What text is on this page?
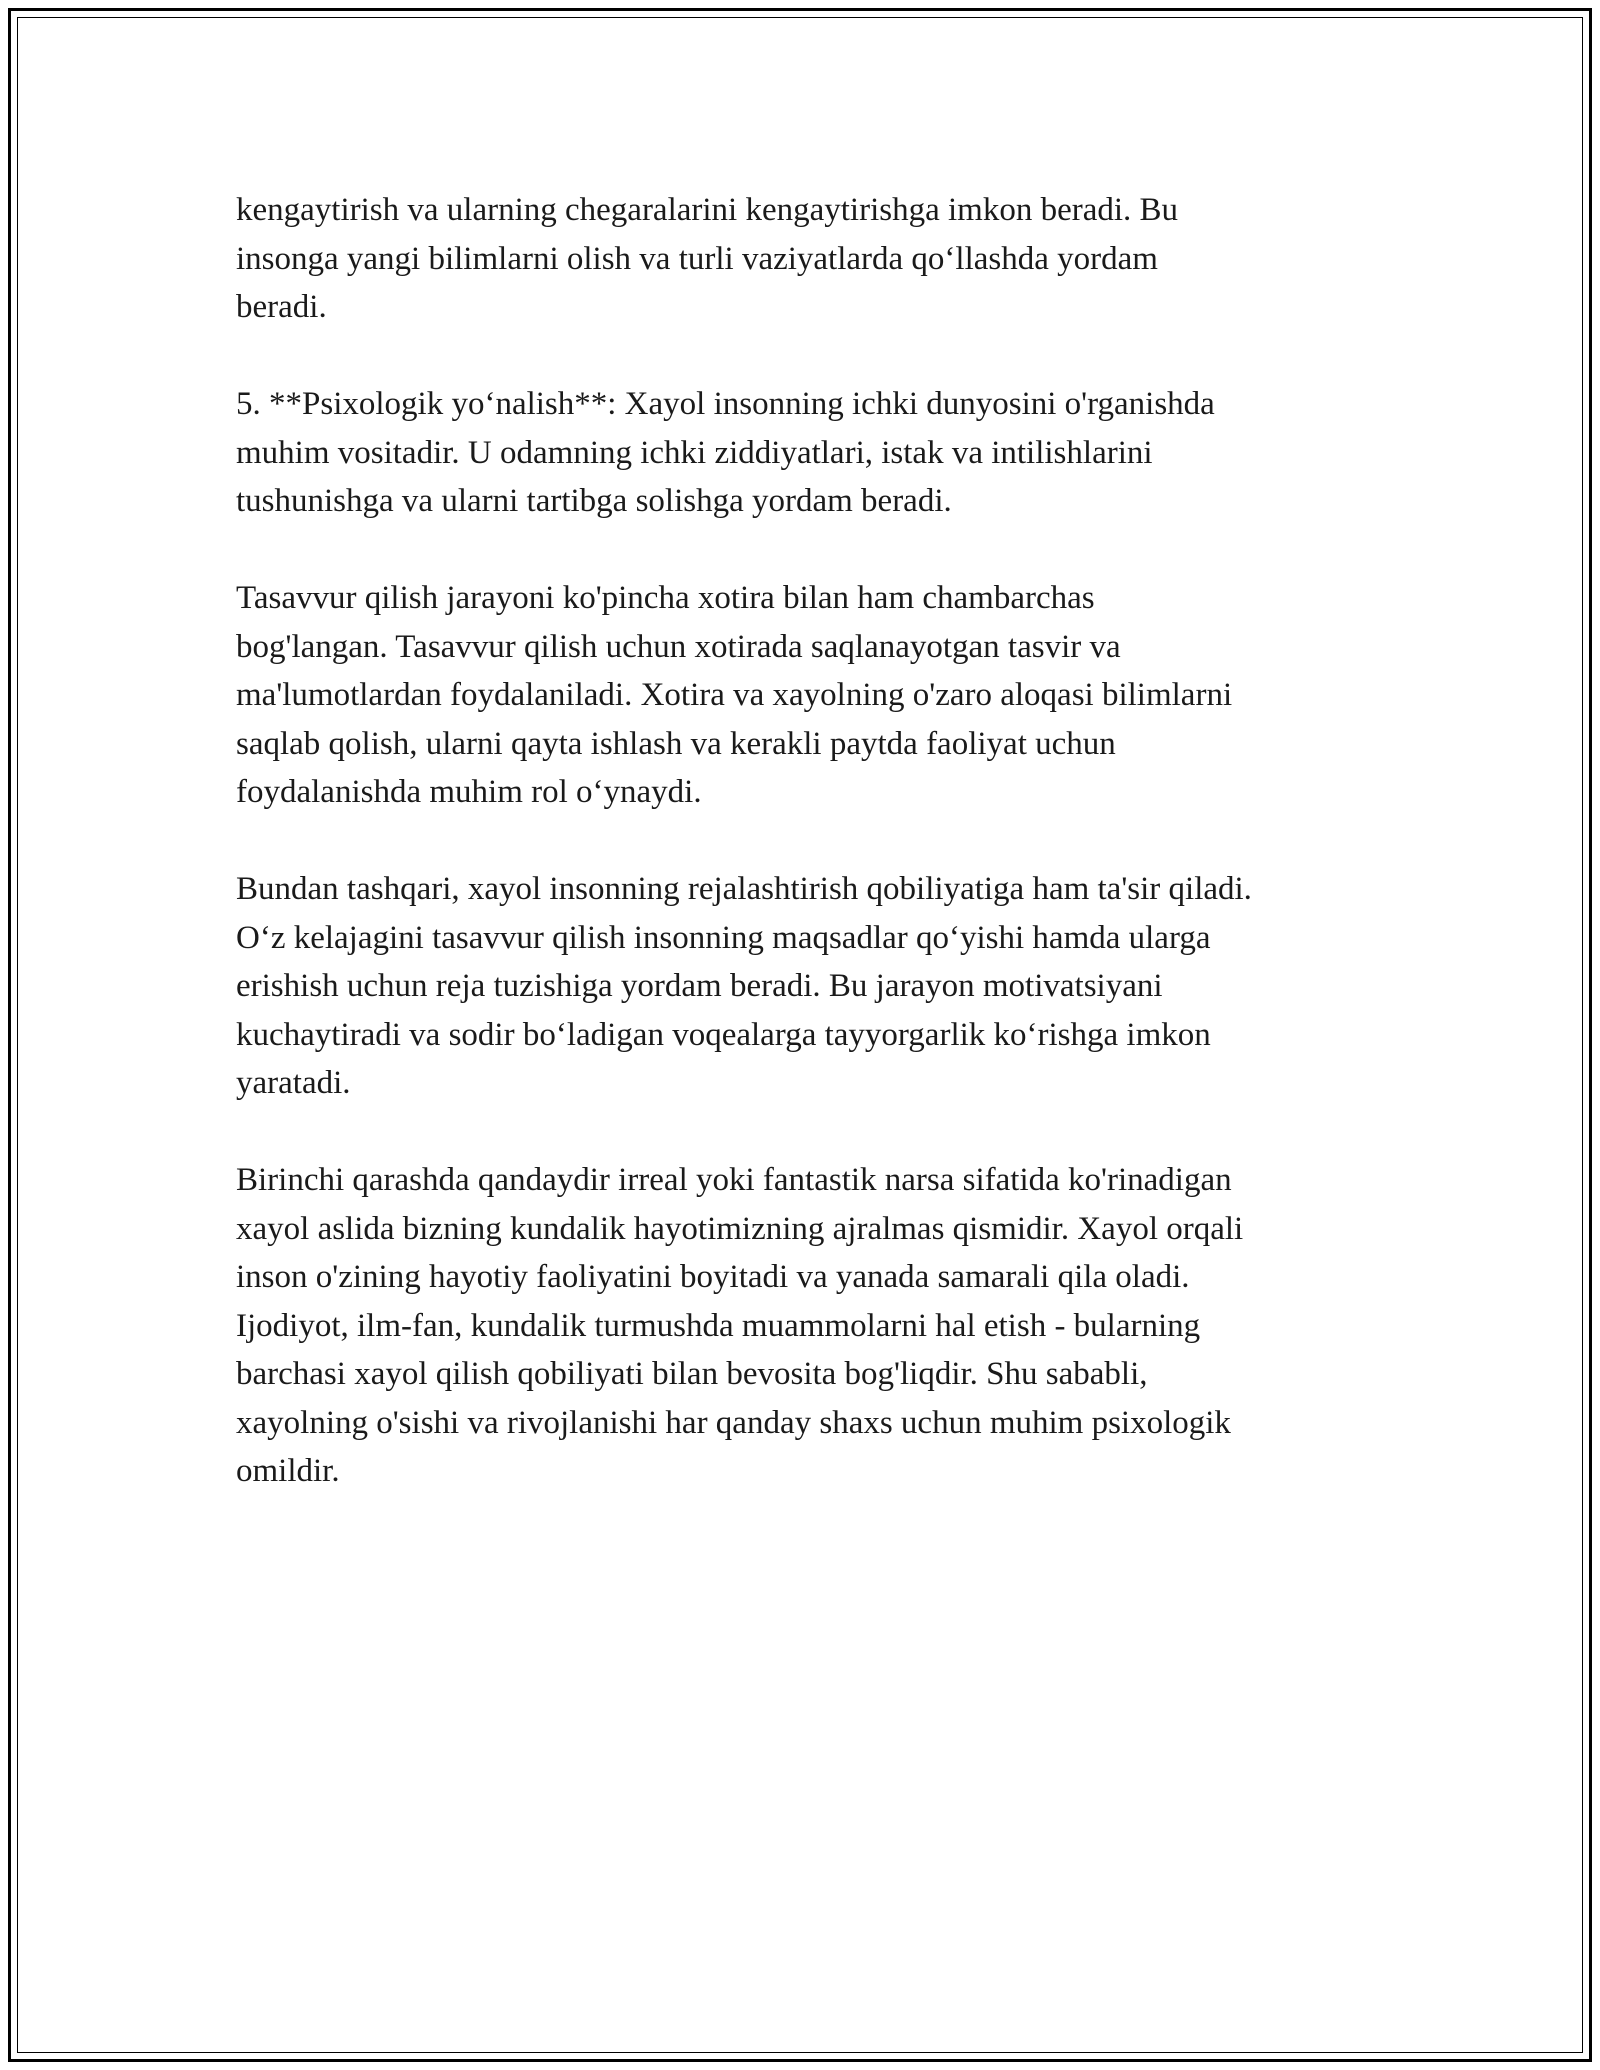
kengaytirish va ularning chegaralarini kengaytirishga imkon beradi. Bu
insonga yangi bilimlarni olish va turli vaziyatlarda qo‘llashda yordam
beradi.

5. **Psixologik yo‘nalish**: Xayol insonning ichki dunyosini o'rganishda
muhim vositadir. U odamning ichki ziddiyatlari, istak va intilishlarini
tushunishga va ularni tartibga solishga yordam beradi.

Tasavvur qilish jarayoni ko'pincha xotira bilan ham chambarchas
bog'langan. Tasavvur qilish uchun xotirada saqlanayotgan tasvir va
ma'lumotlardan foydalaniladi. Xotira va xayolning o'zaro aloqasi bilimlarni
saqlab qolish, ularni qayta ishlash va kerakli paytda faoliyat uchun
foydalanishda muhim rol o‘ynaydi.

Bundan tashqari, xayol insonning rejalashtirish qobiliyatiga ham ta'sir qiladi.
O‘z kelajagini tasavvur qilish insonning maqsadlar qo‘yishi hamda ularga
erishish uchun reja tuzishiga yordam beradi. Bu jarayon motivatsiyani
kuchaytiradi va sodir bo‘ladigan voqealarga tayyorgarlik ko‘rishga imkon
yaratadi.

Birinchi qarashda qandaydir irreal yoki fantastik narsa sifatida ko'rinadigan
xayol aslida bizning kundalik hayotimizning ajralmas qismidir. Xayol orqali
inson o'zining hayotiy faoliyatini boyitadi va yanada samarali qila oladi.
Ijodiyot, ilm-fan, kundalik turmushda muammolarni hal etish - bularning
barchasi xayol qilish qobiliyati bilan bevosita bog'liqdir. Shu sababli,
xayolning o'sishi va rivojlanishi har qanday shaxs uchun muhim psixologik
omildir.
